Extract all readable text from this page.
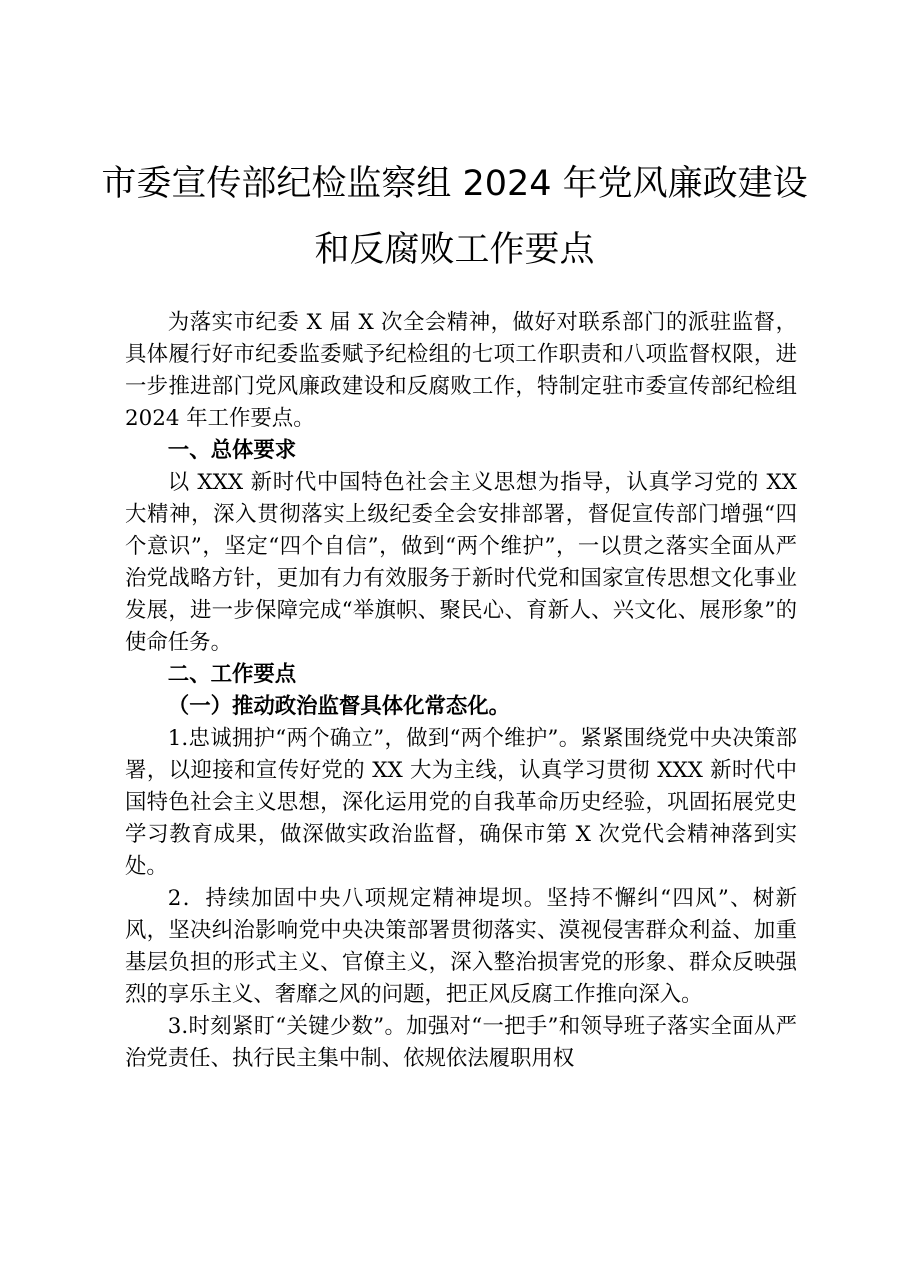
市委宣传部纪检监察组 2024 年党风廉政建设
和反腐败工作要点

为落实市纪委 X 届 X 次全会精神，做好对联系部门的派驻监督，具体履行好市纪委监委赋予纪检组的七项工作职责和八项监督权限，进一步推进部门党风廉政建设和反腐败工作，特制定驻市委宣传部纪检组 2024 年工作要点。

一、总体要求

以 XXX 新时代中国特色社会主义思想为指导，认真学习党的 XX 大精神，深入贯彻落实上级纪委全会安排部署，督促宣传部门增强“四个意识”，坚定“四个自信”，做到“两个维护”，一以贯之落实全面从严治党战略方针，更加有力有效服务于新时代党和国家宣传思想文化事业发展，进一步保障完成“举旗帜、聚民心、育新人、兴文化、展形象”的使命任务。

二、工作要点

（一）推动政治监督具体化常态化。

1.忠诚拥护“两个确立”，做到“两个维护”。紧紧围绕党中央决策部署，以迎接和宣传好党的 XX 大为主线，认真学习贯彻 XXX 新时代中国特色社会主义思想，深化运用党的自我革命历史经验，巩固拓展党史学习教育成果，做深做实政治监督，确保市第 X 次党代会精神落到实处。

2．持续加固中央八项规定精神堤坝。坚持不懈纠“四风”、树新风，坚决纠治影响党中央决策部署贯彻落实、漠视侵害群众利益、加重基层负担的形式主义、官僚主义，深入整治损害党的形象、群众反映强烈的享乐主义、奢靡之风的问题，把正风反腐工作推向深入。

3.时刻紧盯“关键少数”。加强对“一把手”和领导班子落实全面从严治党责任、执行民主集中制、依规依法履职用权
